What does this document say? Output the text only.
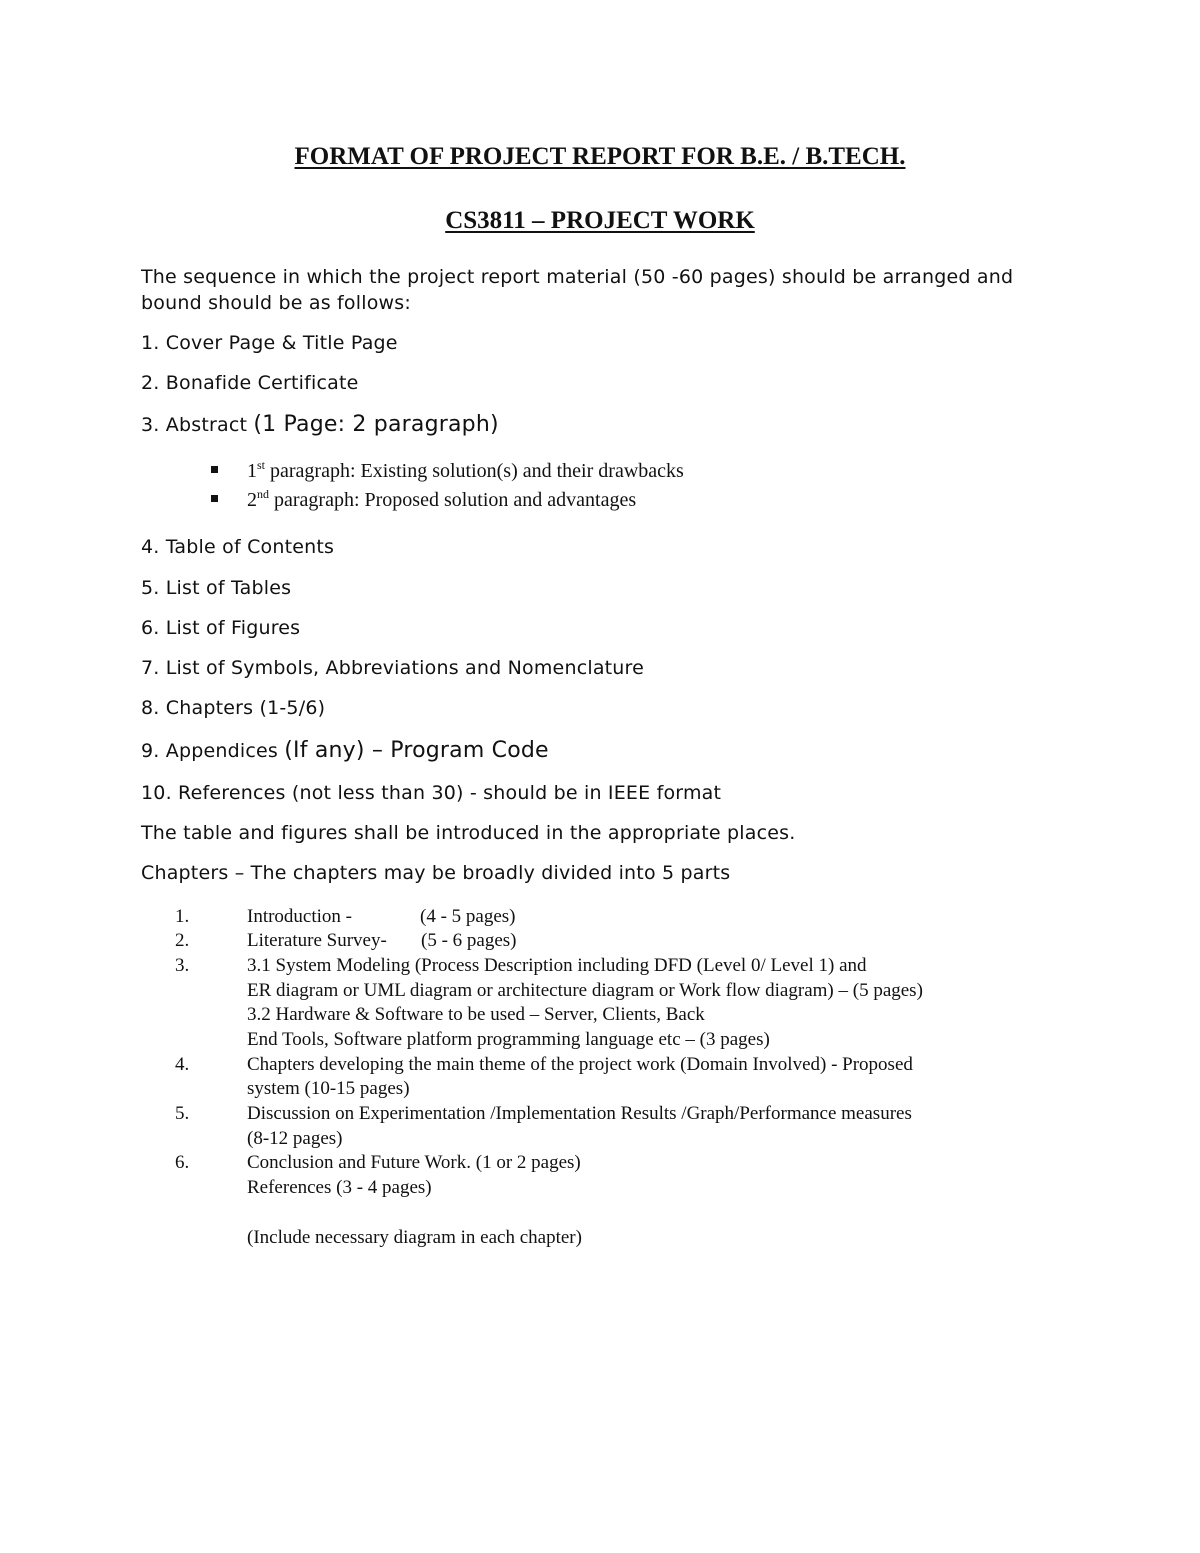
FORMAT OF PROJECT REPORT FOR B.E. / B.TECH.
CS3811 – PROJECT WORK
The sequence in which the project report material (50 -60 pages) should be arranged and
bound should be as follows:
1. Cover Page & Title Page
2. Bonafide Certificate
3. Abstract (1 Page: 2 paragraph)
1st paragraph: Existing solution(s) and their drawbacks
2nd paragraph: Proposed solution and advantages
4. Table of Contents
5. List of Tables
6. List of Figures
7. List of Symbols, Abbreviations and Nomenclature
8. Chapters (1-5/6)
9. Appendices (If any) – Program Code
10. References (not less than 30) - should be in IEEE format
The table and figures shall be introduced in the appropriate places.
Chapters – The chapters may be broadly divided into 5 parts
1.	Introduction -	(4 - 5 pages)
2.	Literature Survey- (5 - 6 pages)
3.	3.1 System Modeling (Process Description including DFD (Level 0/ Level 1) and
ER diagram or UML diagram or architecture diagram or Work flow diagram) – (5 pages)
3.2 Hardware & Software to be used – Server, Clients, Back
End Tools, Software platform programming language etc – (3 pages)
4.	Chapters developing the main theme of the project work (Domain Involved) - Proposed
system (10-15 pages)
5.	Discussion on Experimentation /Implementation Results /Graph/Performance measures
(8-12 pages)
6.	Conclusion and Future Work. (1 or 2 pages)
References (3 - 4 pages)
(Include necessary diagram in each chapter)
